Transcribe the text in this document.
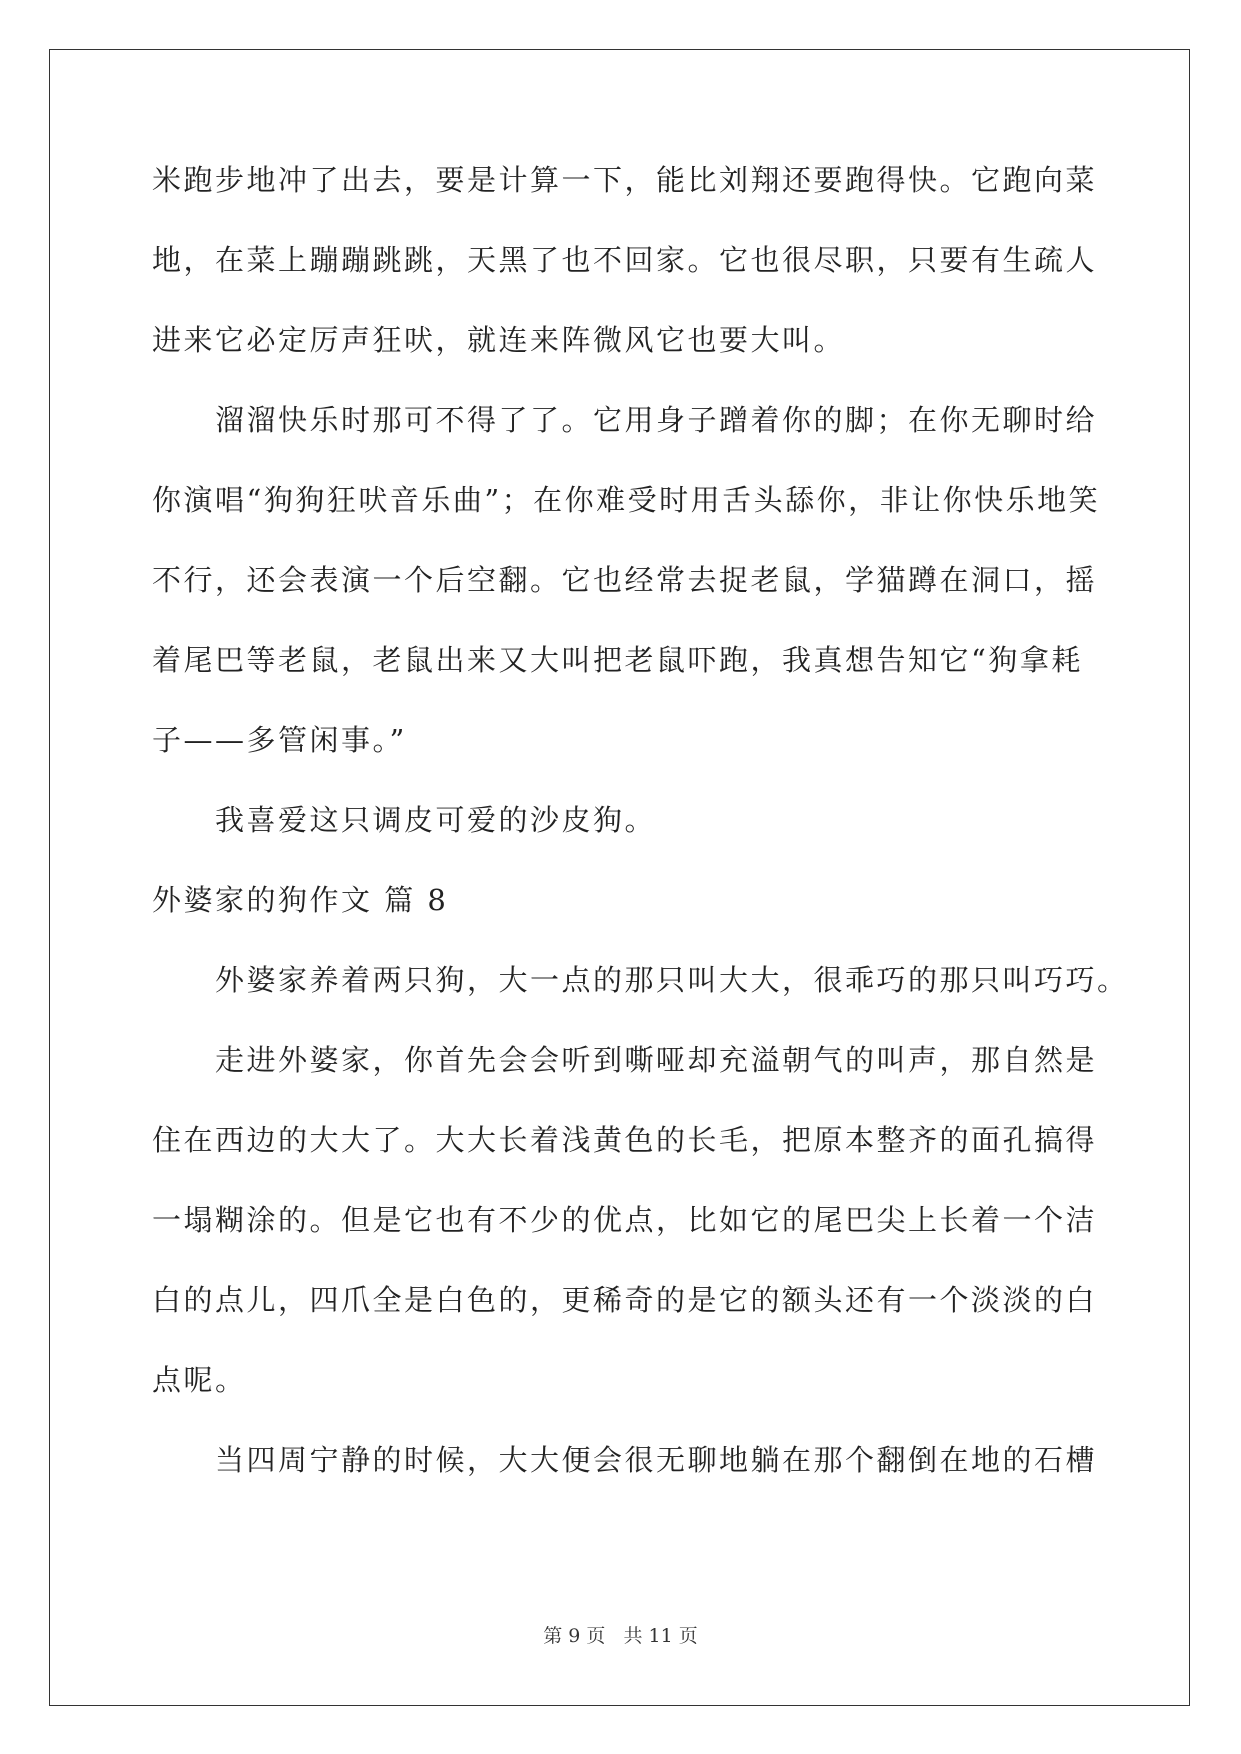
米跑步地冲了出去，要是计算一下，能比刘翔还要跑得快。它跑向菜
地，在菜上蹦蹦跳跳，天黑了也不回家。它也很尽职，只要有生疏人
进来它必定厉声狂吠，就连来阵微风它也要大叫。
溜溜快乐时那可不得了了。它用身子蹭着你的脚；在你无聊时给
你演唱“狗狗狂吠音乐曲”；在你难受时用舌头舔你，非让你快乐地笑
不行，还会表演一个后空翻。它也经常去捉老鼠，学猫蹲在洞口，摇
着尾巴等老鼠，老鼠出来又大叫把老鼠吓跑，我真想告知它“狗拿耗
子——多管闲事。”
我喜爱这只调皮可爱的沙皮狗。
外婆家的狗作文 篇 8
外婆家养着两只狗，大一点的那只叫大大，很乖巧的那只叫巧巧。
走进外婆家，你首先会会听到嘶哑却充溢朝气的叫声，那自然是
住在西边的大大了。大大长着浅黄色的长毛，把原本整齐的面孔搞得
一塌糊涂的。但是它也有不少的优点，比如它的尾巴尖上长着一个洁
白的点儿，四爪全是白色的，更稀奇的是它的额头还有一个淡淡的白
点呢。
当四周宁静的时候，大大便会很无聊地躺在那个翻倒在地的石槽
第 9 页 共 11 页
